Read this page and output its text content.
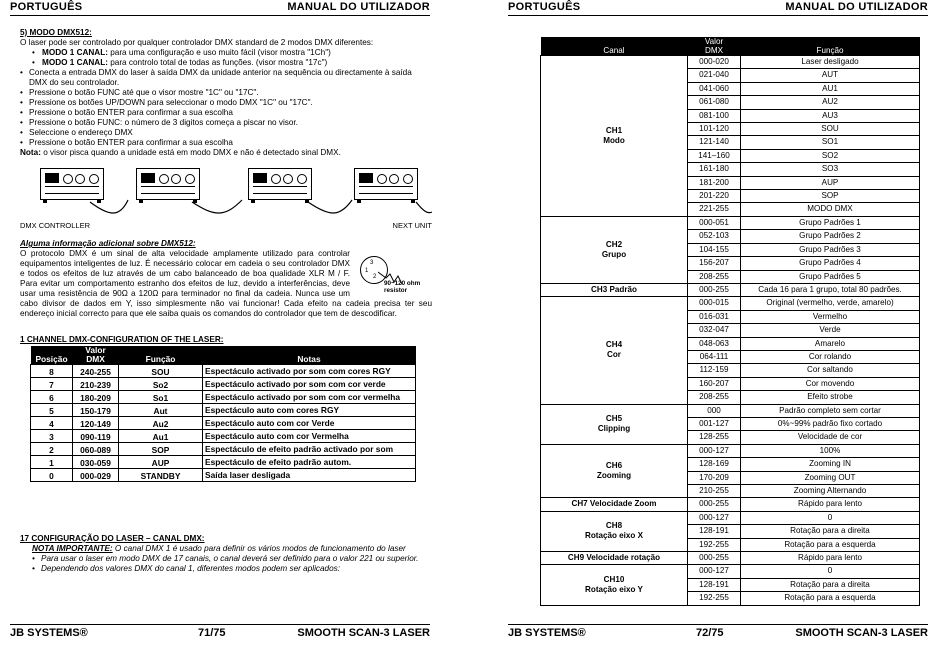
PORTUGUÊS	MANUAL DO UTILIZADOR
5) MODO DMX512:
O laser pode ser controlado por qualquer controlador DMX standard de 2 modos DMX diferentes:
• MODO 1 CANAL: para uma configuração e uso muito fácil (visor mostra "1Ch")
• MODO 1 CANAL: para controlo total de todas as funções. (visor mostra "17c")
• Conecta a entrada DMX do laser à saída DMX da unidade anterior na sequência ou directamente à saída DMX do seu controlador.
• Pressione o botão FUNC até que o visor mostre "1C" ou "17C".
• Pressione os botões UP/DOWN para seleccionar o modo DMX "1C" ou "17C".
• Pressione o botão ENTER para confirmar a sua escolha
• Pressione o botão FUNC: o número de 3 digitos começa a piscar no visor.
• Seleccione o endereço DMX
• Pressione o botão ENTER para confirmar a sua escolha
Nota: o visor pisca quando a unidade está em modo DMX e não é detectado sinal DMX.
DMX CONTROLLER	NEXT UNIT
Alguma informação adicional sobre DMX512:
O protocolo DMX é um sinal de alta velocidade amplamente utilizado para controlar equipamentos inteligentes de luz. É necessário colocar em cadeia o seu controlador DMX e todos os efeitos de luz através de um cabo balanceado de boa qualidade XLR M / F. Para evitar um comportamento estranho dos efeitos de luz, devido a interferências, deve usar uma resistência de 90Ω a 120Ω para terminador no final da cadeia. Nunca use um cabo divisor de dados em Y, isso simplesmente não vai funcionar! Cada efeito na cadeia precisa ter seu endereço inicial correcto para que ele saiba quais os comandos do controlador que tem de descodificar.
3
1
2
90~120 ohm
resistor
1 CHANNEL DMX-CONFIGURATION OF THE LASER:
Posição	Valor
DMX	Função	Notas
8	240-255	SOU	Espectáculo activado por som com cores RGY
7	210-239	So2	Espectáculo activado por som com cor verde
6	180-209	So1	Espectáculo activado por som com cor vermelha
5	150-179	Aut	Espectáculo auto com cores RGY
4	120-149	Au2	Espectáculo auto com cor Verde
3	090-119	Au1	Espectáculo auto com cor Vermelha
2	060-089	SOP	Espectáculo de efeito padrão activado por som
1	030-059	AUP	Espectáculo de efeito padrão autom.
0	000-029	STANDBY	Saída laser desligada
17 CONFIGURAÇÃO DO LASER – CANAL DMX:
NOTA IMPORTANTE: O canal DMX 1 é usado para definir os vários modos de funcionamento do laser
• Para usar o laser em modo DMX de 17 canais, o canal deverá ser definido para o valor 221 ou superior.
• Dependendo dos valores DMX do canal 1, diferentes modos podem ser aplicados:
JB SYSTEMS®	71/75	SMOOTH SCAN-3 LASER
PORTUGUÊS	MANUAL DO UTILIZADOR
Canal	Valor
DMX	Função

CH1
Modo	000-020	Laser desligado
	021-040	AUT
	041-060	AU1
	061-080	AU2
	081-100	AU3
	101-120	SOU
	121-140	SO1
	141–160	SO2
	161-180	SO3
	181-200	AUP
	201-220	SOP
	221-255	MODO DMX

CH2
Grupo	000-051	Grupo Padrões 1
	052-103	Grupo Padrões 2
	104-155	Grupo Padrões 3
	156-207	Grupo Padrões 4
	208-255	Grupo Padrões 5

CH3 Padrão	000-255	Cada 16 para 1 grupo, total 80 padrões.

CH4
Cor	000-015	Original (vermelho, verde, amarelo)
	016-031	Vermelho
	032-047	Verde
	048-063	Amarelo
	064-111	Cor rolando
	112-159	Cor saltando
	160-207	Cor movendo
	208-255	Efeito strobe

CH5
Clipping	000	Padrão completo sem cortar
	001-127	0%~99% padrão fixo cortado
	128-255	Velocidade de cor

CH6
Zooming	000-127	100%
	128-169	Zooming IN
	170-209	Zooming OUT
	210-255	Zooming Alternando

CH7 Velocidade Zoom	000-255	Rápido para lento

CH8
Rotação eixo X	000-127	0
	128-191	Rotação para a direita
	192-255	Rotação para a esquerda

CH9 Velocidade rotação	000-255	Rápido para lento

CH10
Rotação eixo Y	000-127	0
	128-191	Rotação para a direita
	192-255	Rotação para a esquerda
JB SYSTEMS®	72/75	SMOOTH SCAN-3 LASER
